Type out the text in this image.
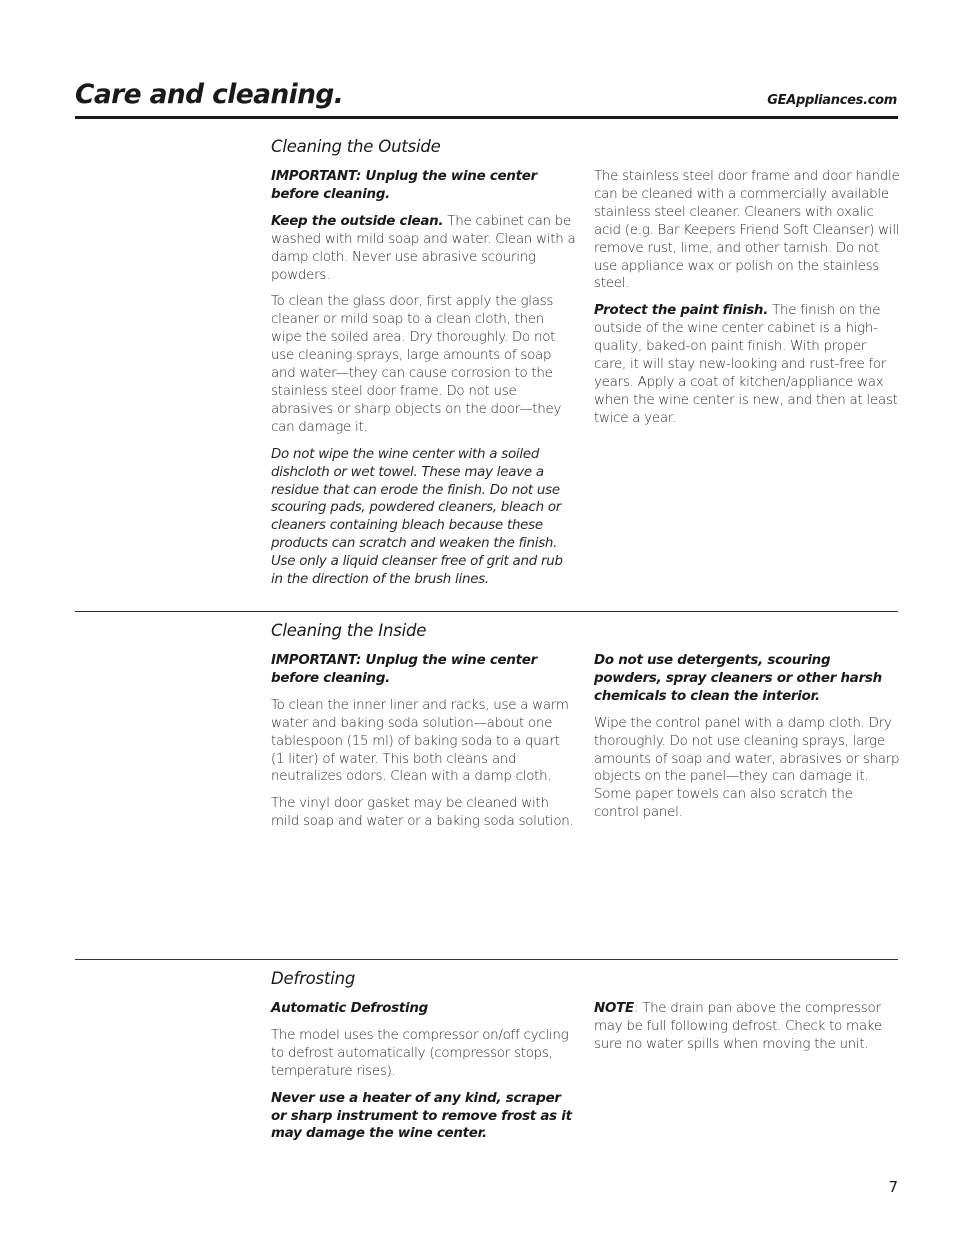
Care and cleaning.	GEAppliances.com
Cleaning the Outside

IMPORTANT: Unplug the wine center before cleaning.

Keep the outside clean. The cabinet can be washed with mild soap and water. Clean with a damp cloth. Never use abrasive scouring powders.

To clean the glass door, first apply the glass cleaner or mild soap to a clean cloth, then wipe the soiled area. Dry thoroughly. Do not use cleaning sprays, large amounts of soap and water—they can cause corrosion to the stainless steel door frame. Do not use abrasives or sharp objects on the door—they can damage it.

Do not wipe the wine center with a soiled dishcloth or wet towel. These may leave a residue that can erode the finish. Do not use scouring pads, powdered cleaners, bleach or cleaners containing bleach because these products can scratch and weaken the finish. Use only a liquid cleanser free of grit and rub in the direction of the brush lines.

The stainless steel door frame and door handle can be cleaned with a commercially available stainless steel cleaner. Cleaners with oxalic acid (e.g. Bar Keepers Friend Soft Cleanser) will remove rust, lime, and other tarnish. Do not use appliance wax or polish on the stainless steel.

Protect the paint finish. The finish on the outside of the wine center cabinet is a high-quality, baked-on paint finish. With proper care, it will stay new-looking and rust-free for years. Apply a coat of kitchen/appliance wax when the wine center is new, and then at least twice a year.

Cleaning the Inside

IMPORTANT: Unplug the wine center before cleaning.

To clean the inner liner and racks, use a warm water and baking soda solution—about one tablespoon (15 ml) of baking soda to a quart (1 liter) of water. This both cleans and neutralizes odors. Clean with a damp cloth.

The vinyl door gasket may be cleaned with mild soap and water or a baking soda solution.

Do not use detergents, scouring powders, spray cleaners or other harsh chemicals to clean the interior.

Wipe the control panel with a damp cloth. Dry thoroughly. Do not use cleaning sprays, large amounts of soap and water, abrasives or sharp objects on the panel—they can damage it. Some paper towels can also scratch the control panel.

Defrosting

Automatic Defrosting

The model uses the compressor on/off cycling to defrost automatically (compressor stops, temperature rises).

Never use a heater of any kind, scraper or sharp instrument to remove frost as it may damage the wine center.

NOTE: The drain pan above the compressor may be full following defrost. Check to make sure no water spills when moving the unit.

7
